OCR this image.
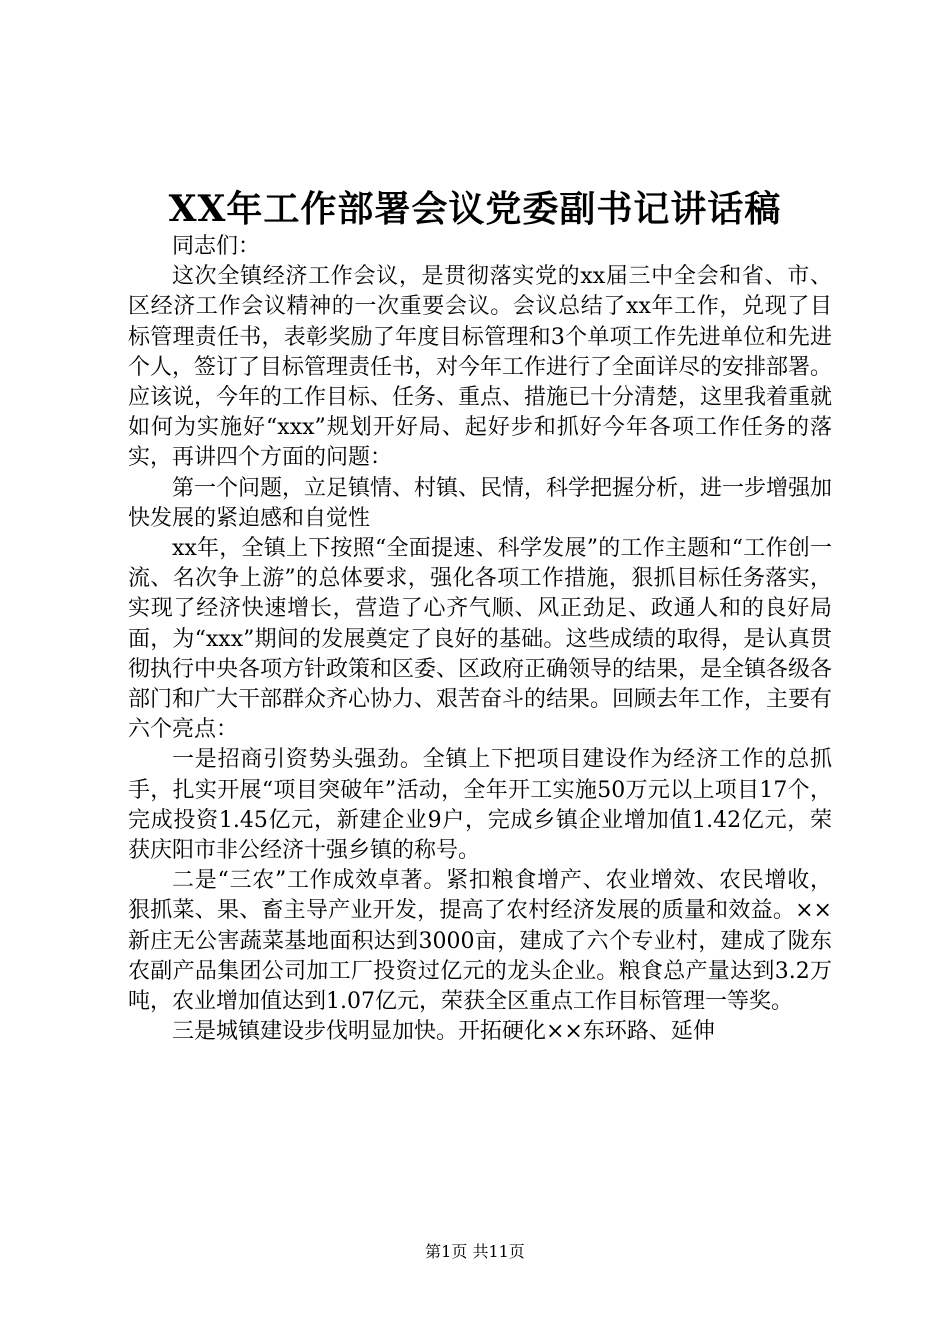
XX年工作部署会议党委副书记讲话稿

同志们：

这次全镇经济工作会议，是贯彻落实党的xx届三中全会和省、市、区经济工作会议精神的一次重要会议。会议总结了xx年工作，兑现了目标管理责任书，表彰奖励了年度目标管理和3个单项工作先进单位和先进个人，签订了目标管理责任书，对今年工作进行了全面详尽的安排部署。应该说，今年的工作目标、任务、重点、措施已十分清楚，这里我着重就如何为实施好“xxx”规划开好局、起好步和抓好今年各项工作任务的落实，再讲四个方面的问题：

第一个问题，立足镇情、村镇、民情，科学把握分析，进一步增强加快发展的紧迫感和自觉性

xx年，全镇上下按照“全面提速、科学发展”的工作主题和“工作创一流、名次争上游”的总体要求，强化各项工作措施，狠抓目标任务落实，实现了经济快速增长，营造了心齐气顺、风正劲足、政通人和的良好局面，为“xxx”期间的发展奠定了良好的基础。这些成绩的取得，是认真贯彻执行中央各项方针政策和区委、区政府正确领导的结果，是全镇各级各部门和广大干部群众齐心协力、艰苦奋斗的结果。回顾去年工作，主要有六个亮点：

一是招商引资势头强劲。全镇上下把项目建设作为经济工作的总抓手，扎实开展“项目突破年”活动，全年开工实施50万元以上项目17个，完成投资1.45亿元，新建企业9户，完成乡镇企业增加值1.42亿元，荣获庆阳市非公经济十强乡镇的称号。

二是“三农”工作成效卓著。紧扣粮食增产、农业增效、农民增收，狠抓菜、果、畜主导产业开发，提高了农村经济发展的质量和效益。××新庄无公害蔬菜基地面积达到3000亩，建成了六个专业村，建成了陇东农副产品集团公司加工厂投资过亿元的龙头企业。粮食总产量达到3.2万吨，农业增加值达到1.07亿元，荣获全区重点工作目标管理一等奖。

三是城镇建设步伐明显加快。开拓硬化××东环路、延伸

第1页 共11页
